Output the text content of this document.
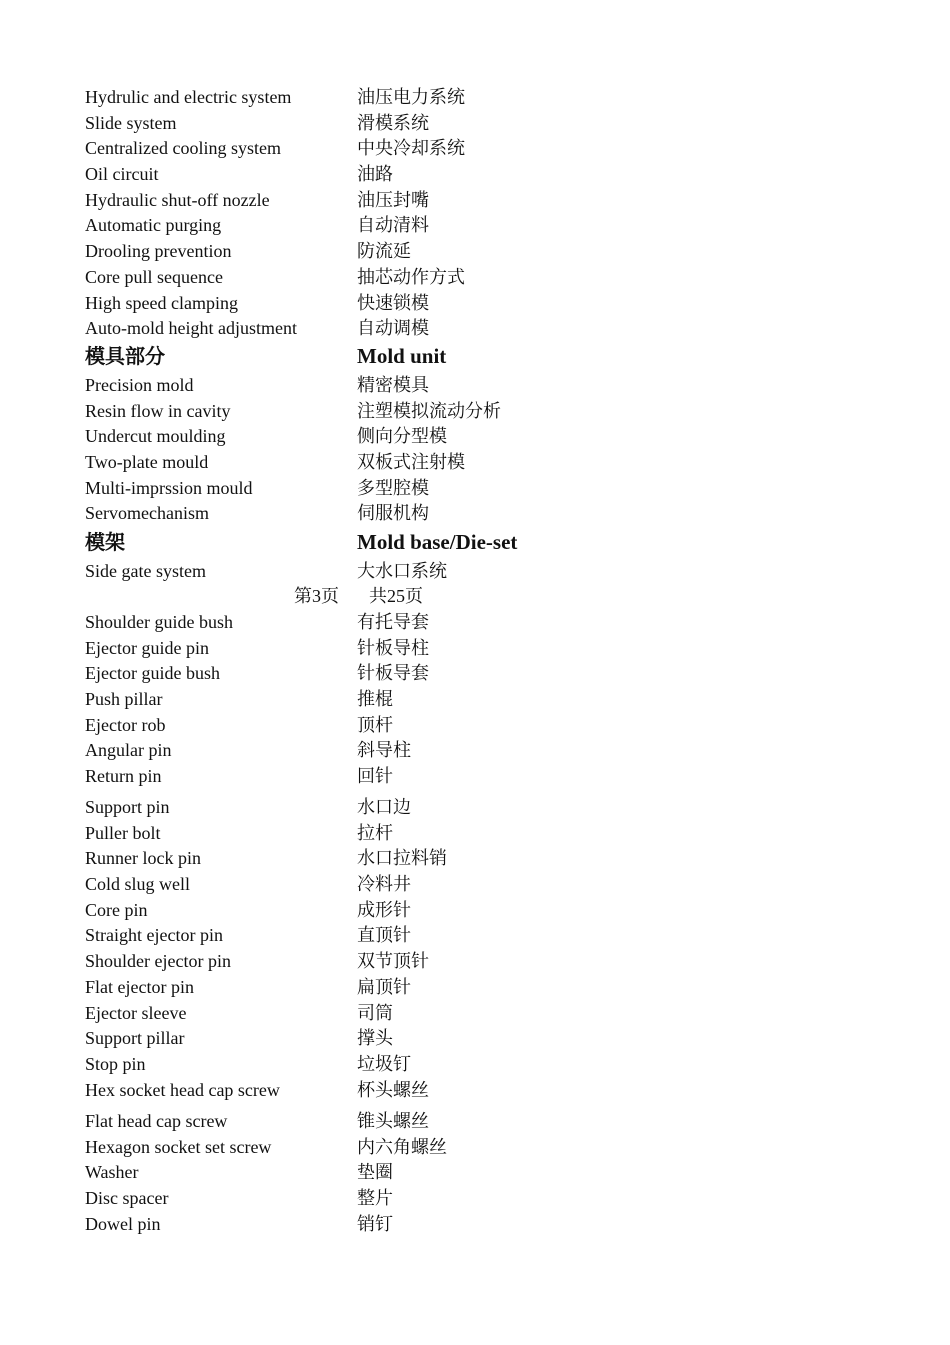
Hydrulic and electric system	油压电力系统
Slide system	滑模系统
Centralized cooling system	中央冷却系统
Oil circuit	油路
Hydraulic shut-off nozzle	油压封嘴
Automatic purging	自动清料
Drooling prevention	防流延
Core pull sequence	抽芯动作方式
High speed clamping	快速锁模
Auto-mold height adjustment	自动调模
模具部分	Mold unit
Precision mold	精密模具
Resin flow in cavity	注塑模拟流动分析
Undercut moulding	侧向分型模
Two-plate mould	双板式注射模
Multi-imprssion mould	多型腔模
Servomechanism	伺服机构
模架	Mold base/Die-set
Side gate system	大水口系统
第3页	共25页
Shoulder guide bush	有托导套
Ejector guide pin	针板导柱
Ejector guide bush	针板导套
Push pillar	推棍
Ejector rob	顶杆
Angular pin	斜导柱
Return pin	回针
Support pin	水口边
Puller bolt	拉杆
Runner lock pin	水口拉料销
Cold slug well	冷料井
Core pin	成形针
Straight ejector pin	直顶针
Shoulder ejector pin	双节顶针
Flat ejector pin	扁顶针
Ejector sleeve	司筒
Support pillar	撑头
Stop pin	垃圾钉
Hex socket head cap screw	杯头螺丝
Flat head cap screw	锥头螺丝
Hexagon socket set screw	内六角螺丝
Washer	垫圈
Disc spacer	整片
Dowel pin	销钉
